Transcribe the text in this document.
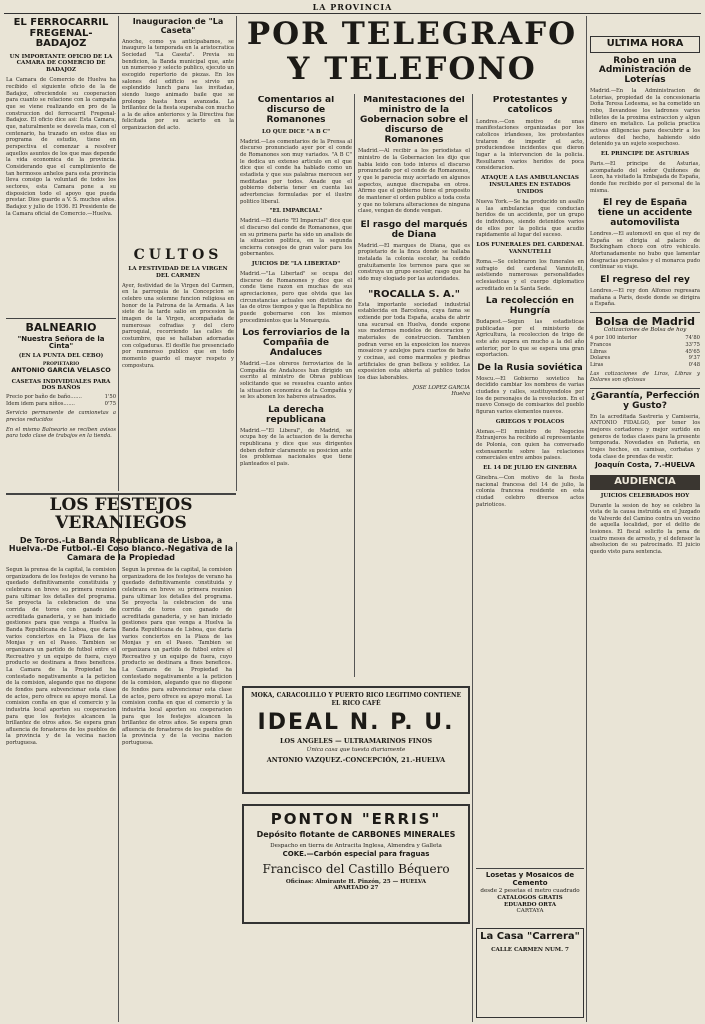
LA PROVINCIA
POR TELEGRAFO
Y TELEFONO
EL FERROCARRIL FREGENAL-BADAJOZ
UN IMPORTANTE OFICIO DE LA CAMARA DE COMERCIO DE BADAJOZ
La Camara de Comercio de Huelva ha recibido el siguiente oficio de la de Badajoz, ofreciendole su cooperacion para cuanto se relacione con la campaña que se viene realizando en pro de la construccion del ferrocarril Fregenal-Badajoz. El oficio dice asi: Esta Camara, que, naturalmente se desvela mas, con el centenario, ha trazado en estos dias su programa de estudio, tiene en perspectiva el comenzar a resolver aquellos asuntos de los que mas depende la vida economica de la provincia. Considerando que el cumplimiento de tan hermosos anhelos para esta provincia lleva consigo la voluntad de todos los sectores, esta Camara pone a su disposicion todo el apoyo que pueda prestar. Dios guarde a V. S. muchos años. Badajoz y julio de 1936. El Presidente de la Camara oficial de Comercio.—Huelva.
BALNEARIO
"Nuestra Señora de la Cinta"
(EN LA PUNTA DEL CEBO)
PROPIETARIO
ANTONIO GARCIA VELASCO
CASETAS INDIVIDUALES PARA DOS BAÑOS
Precio por baño de baño.......	1'50
Idem idem para niños.......	0'75
Servicio permanente de camionetas a precios reducidos
En el mismo Balneario se reciben avisos para todo clase de trabajos en la tienda.
Inauguracion de "La Caseta"
Anoche, como ya anticipabamos, se inauguro la temporada en la aristocratica Sociedad "La Caseta". Previa su bendicion, la Banda municipal que, ante un numeroso y selecto publico, ejecuto un escogido repertorio de piezas. En los salones del edificio se sirvio un esplendido lunch para las invitadas, siendo luego animado baile que se prolongo hasta hora avanzada. La brillantez de la fiesta superaba con mucho a la de años anteriores y la Directiva fue felicitada por su acierto en la organizacion del acto.
CULTOS
LA FESTIVIDAD DE LA VIRGEN DEL CARMEN
Ayer, festividad de la Virgen del Carmen, en la parroquia de la Concepcion se celebro una solemne funcion religiosa en honor de la Patrona de la Armada. A las siete de la tarde salio en procesion la imagen de la Virgen, acompañada de numerosas cofradias y del clero parroquial, recorriendo las calles de costumbre, que se hallaban adornadas con colgaduras. El desfile fue presenciado por numeroso publico que en todo momento guardo el mayor respeto y compostura.
LOS FESTEJOS VERANIEGOS
De Toros.-La Banda Republicana de Lisboa, a Huelva.-De Futbol.-El Coso blanco.-Negativa de la Camara de la Propiedad
Segun la prensa de la capital, la comision organizadora de los festejos de verano ha quedado definitivamente constituida y celebrara en breve su primera reunion para ultimar los detalles del programa. Se proyecta la celebracion de una corrida de toros con ganado de acreditada ganaderia, y se han iniciado gestiones para que venga a Huelva la Banda Republicana de Lisboa, que daria varios conciertos en la Plaza de las Monjas y en el Paseo. Tambien se organizara un partido de futbol entre el Recreativo y un equipo de fuera, cuyo producto se destinara a fines beneficos. La Camara de la Propiedad ha contestado negativamente a la peticion de la comision, alegando que no dispone de fondos para subvencionar esta clase de actos, pero ofrece su apoyo moral. La comision confia en que el comercio y la industria local aporten su cooperacion para que los festejos alcancen la brillantez de otros años. Se espera gran afluencia de forasteros de los pueblos de la provincia y de la vecina nacion portuguesa.
Segun la prensa de la capital, la comision organizadora de los festejos de verano ha quedado definitivamente constituida y celebrara en breve su primera reunion para ultimar los detalles del programa. Se proyecta la celebracion de una corrida de toros con ganado de acreditada ganaderia, y se han iniciado gestiones para que venga a Huelva la Banda Republicana de Lisboa, que daria varios conciertos en la Plaza de las Monjas y en el Paseo. Tambien se organizara un partido de futbol entre el Recreativo y un equipo de fuera, cuyo producto se destinara a fines beneficos. La Camara de la Propiedad ha contestado negativamente a la peticion de la comision, alegando que no dispone de fondos para subvencionar esta clase de actos, pero ofrece su apoyo moral. La comision confia en que el comercio y la industria local aporten su cooperacion para que los festejos alcancen la brillantez de otros años. Se espera gran afluencia de forasteros de los pueblos de la provincia y de la vecina nacion portuguesa.
Comentarios al discurso de Romanones
LO QUE DICE "A B C"
Madrid.—Los comentarios de la Prensa al discurso pronunciado ayer por el conde de Romanones son muy variados. "A B C" le dedica un extenso articulo en el que dice que el conde ha hablado como un estadista y que sus palabras merecen ser meditadas por todos. Anade que el gobierno deberia tener en cuenta las advertencias formuladas por el ilustre politico liberal.
"EL IMPARCIAL"
Madrid.—El diario "El Imparcial" dice que el discurso del conde de Romanones, que en su primera parte ha sido un analisis de la situacion politica, en la segunda encierra consejos de gran valor para los gobernantes.
JUICIOS DE "LA LIBERTAD"
Madrid.—"La Libertad" se ocupa del discurso de Romanones y dice que el conde tiene razon en muchas de sus apreciaciones, pero que olvida que las circunstancias actuales son distintas de las de otros tiempos y que la Republica no puede gobernarse con los mismos procedimientos que la Monarquia.
Los ferroviarios de la Compañia de Andaluces
Madrid.—Los obreros ferroviarios de la Compañia de Andaluces han dirigido un escrito al ministro de Obras publicas solicitando que se resuelva cuanto antes la situacion economica de la Compañia y se les abonen los haberes atrasados.
La derecha republicana
Madrid.—"El Liberal", de Madrid, se ocupa hoy de la actuacion de la derecha republicana y dice que sus dirigentes deben definir claramente su posicion ante los problemas nacionales que tiene planteados el pais.
Manifestaciones del ministro de la Gobernacion sobre el discurso de Romanones
Madrid.—Al recibir a los periodistas el ministro de la Gobernacion les dijo que habia leido con todo interes el discurso pronunciado por el conde de Romanones, y que le parecia muy acertado en algunos aspectos, aunque discrepaba en otros. Afirmo que el gobierno tiene el proposito de mantener el orden publico a toda costa y que no tolerara alteraciones de ninguna clase, vengan de donde vengan.
El rasgo del marqués de Diana
Madrid.—El marques de Diana, que es propietario de la finca donde se hallaba instalada la colonia escolar, ha cedido gratuitamente los terrenos para que se construya un grupo escolar, rasgo que ha sido muy elogiado por las autoridades.
"ROCALLA S. A."
Esta importante sociedad industrial establecida en Barcelona, cuya fama se extiende por toda España, acaba de abrir una sucursal en Huelva, donde expone sus modernos modelos de decoracion y materiales de construccion. Tambien podran verse en la exposicion los nuevos mosaicos y azulejos para cuartos de baño y cocinas, asi como marmoles y piedras artificiales de gran belleza y solidez. La exposicion esta abierta al publico todos los dias laborables.
JOSE LOPEZ GARCIA
Huelva
Protestantes y catolicos
Londres.—Con motivo de unas manifestaciones organizadas por los catolicos irlandeses, los protestantes trataron de impedir el acto, produciendose incidentes que dieron lugar a la intervencion de la policia. Resultaron varios heridos de poca consideracion.
ATAQUE A LAS AMBULANCIAS INSULARES EN ESTADOS UNIDOS
Nueva York.—Se ha producido un asalto a las ambulancias que conducian heridos de un accidente, por un grupo de individuos, siendo detenidos varios de ellos por la policia que acudio rapidamente al lugar del suceso.
LOS FUNERALES DEL CARDENAL VANNUTELLI
Roma.—Se celebraron los funerales en sufragio del cardenal Vannutelli, asistiendo numerosas personalidades eclesiasticas y el cuerpo diplomatico acreditado en la Santa Sede.
La recolección en Hungría
Budapest.—Segun las estadisticas publicadas por el ministerio de Agricultura, la recoleccion de trigo de este año supera en mucho a la del año anterior, por lo que se espera una gran exportacion.
De la Rusia soviética
Moscu.—El Gobierno sovietico ha decidido cambiar los nombres de varias ciudades y calles, sustituyendolos por los de personajes de la revolucion. En el nuevo Consejo de comisarios del pueblo figuran varios elementos nuevos.
GRIEGOS Y POLACOS
Atenas.—El ministro de Negocios Extranjeros ha recibido al representante de Polonia, con quien ha conversado extensamente sobre las relaciones comerciales entre ambos paises.
EL 14 DE JULIO EN GINEBRA
Ginebra.—Con motivo de la fiesta nacional francesa del 14 de julio, la colonia francesa residente en esta ciudad celebro diversos actos patrioticos.
ULTIMA HORA
Robo en una Administración de Loterías
Madrid.—En la Administracion de Loterias, propiedad de la concesionaria Doña Teresa Ledesma, se ha cometido un robo, llevandose los ladrones varios billetes de la proxima extraccion y algun dinero en metalico. La policia practica activas diligencias para descubrir a los autores del hecho, habiendo sido detenido ya un sujeto sospechoso.
EL PRINCIPE DE ASTURIAS
Paris.—El principe de Asturias, acompañado del señor Quiñones de Leon, ha visitado la Embajada de España, donde fue recibido por el personal de la misma.
El rey de España tiene un accidente automovilista
Londres.—El automovil en que el rey de España se dirigia al palacio de Buckingham choco con otro vehiculo. Afortunadamente no hubo que lamentar desgracias personales y el monarca pudo continuar su viaje.
El regreso del rey
Londres.—El rey don Alfonso regresara mañana a Paris, desde donde se dirigira a España.
Bolsa de Madrid
Cotizaciones de Bolsa de hoy
4 por 100 interior	74'80
Francos	33'75
Libras	45'65
Dolares	9'37
Liras	0'48
Las cotizaciones de Liras, Libras y Dolares son oficiosas
¿Garantía, Perfección y Gusto?
En la acreditada Sastreria y Camiseria, ANTONIO FIDALGO, por tener los mejores cortadores y mejor surtido en generos de todas clases para la presente temporada. Novedades en Pañeria, en trajes hechos, en camisas, corbatas y toda clase de prendas de vestir.
Joaquín Costa, 7.-HUELVA
AUDIENCIA
JUICIOS CELEBRADOS HOY
Durante la sesion de hoy se celebro la vista de la causa instruida en el Juzgado de Valverde del Camino contra un vecino de aquella localidad, por el delito de lesiones. El fiscal solicito la pena de cuatro meses de arresto, y el defensor la absolucion de su patrocinado. El juicio quedo visto para sentencia.
MOKA, CARACOLILLO Y PUERTO RICO LEGITIMO CONTIENE EL RICO CAFÉ
IDEAL N. P. U.
LOS ANGELES — ULTRAMARINOS FINOS
Única casa que tuesta diariamente
ANTONIO VAZQUEZ.-CONCEPCIÓN, 21.-HUELVA
PONTON "ERRIS"
Depósito flotante de CARBONES MINERALES
Despacho en tierra de Antracita Inglesa, Almendra y Galleta
COKE.—Carbón especial para fraguas
Francisco del Castillo Béquero
Oficinas: Almirante H. Pinzón, 25 — HUELVA
APARTADO 27
Losetas y Mosaicos de Cemento
desde 2 pesetas el metro cuadrado
CATALOGOS GRATIS
EDUARDO ORTA
CARTAYA
La Casa "Carrera"
CALLE CARMEN NUM. 7
